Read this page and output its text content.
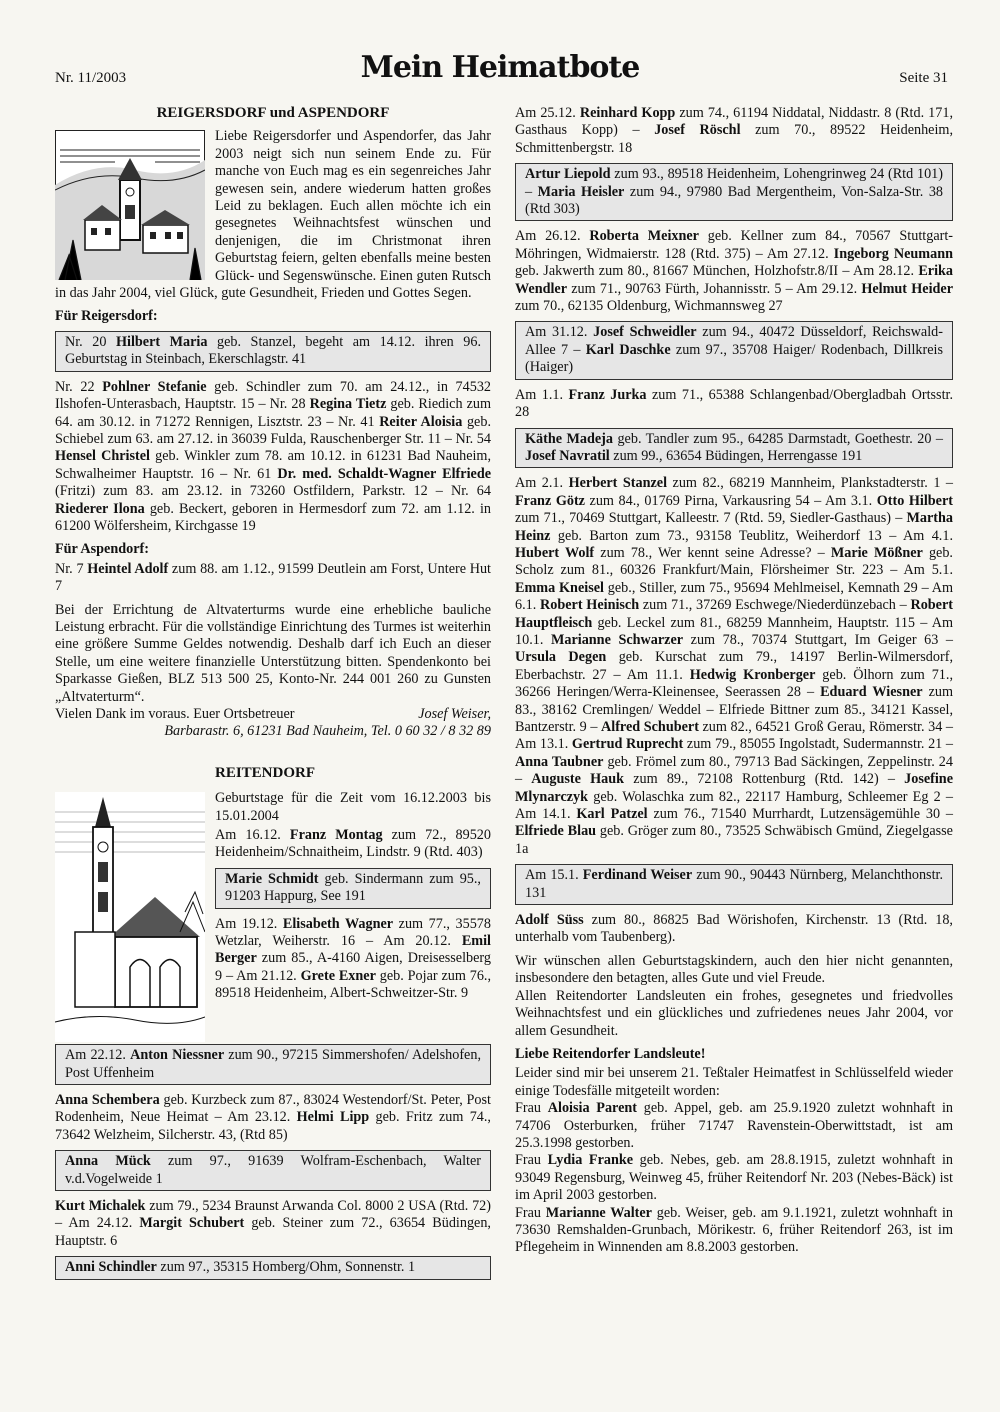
Nr. 11/2003	Mein Heimatbote	Seite 31
REIGERSDORF und ASPENDORF

Liebe Reigersdorfer und Aspendorfer, das Jahr 2003 neigt sich nun seinem Ende zu. Für manche von Euch mag es ein segenreiches Jahr gewesen sein, andere wiederum hatten großes Leid zu beklagen. Euch allen möchte ich ein gesegnetes Weihnachtsfest wünschen und denjenigen, die im Christmonat ihren Geburtstag feiern, gelten ebenfalls meine besten Glück- und Segenswünsche. Einen guten Rutsch in das Jahr 2004, viel Glück, gute Gesundheit, Frieden und Gottes Segen.

Für Reigersdorf:
Nr. 20 Hilbert Maria geb. Stanzel, begeht am 14.12. ihren 96. Geburtstag in Steinbach, Ekerschlagstr. 41

Nr. 22 Pohlner Stefanie geb. Schindler zum 70. am 24.12., in 74532 Ilshofen-Unterasbach, Hauptstr. 15 – Nr. 28 Regina Tietz geb. Riedich zum 64. am 30.12. in 71272 Rennigen, Lisztstr. 23 – Nr. 41 Reiter Aloisia geb. Schiebel zum 63. am 27.12. in 36039 Fulda, Rauschenberger Str. 11 – Nr. 54 Hensel Christel geb. Winkler zum 78. am 10.12. in 61231 Bad Nauheim, Schwalheimer Hauptstr. 16 – Nr. 61 Dr. med. Schaldt-Wagner Elfriede (Fritzi) zum 83. am 23.12. in 73260 Ostfildern, Parkstr. 12 – Nr. 64 Riederer Ilona geb. Beckert, geboren in Hermesdorf zum 72. am 1.12. in 61200 Wölfersheim, Kirchgasse 19

Für Aspendorf:

Nr. 7 Heintel Adolf zum 88. am 1.12., 91599 Deutlein am Forst, Untere Hut 7

Bei der Errichtung de Altvaterturms wurde eine erhebliche bauliche Leistung erbracht. Für die vollständige Einrichtung des Turmes ist weiterhin eine größere Summe Geldes notwendig. Deshalb darf ich Euch an dieser Stelle, um eine weitere finanzielle Unterstützung bitten. Spendenkonto bei Sparkasse Gießen, BLZ 513 500 25, Konto-Nr. 244 001 260 zu Gunsten „Altvaterturm“.

Vielen Dank im voraus. Euer Ortsbetreuer	Josef Weiser,
Barbarastr. 6, 61231 Bad Nauheim, Tel. 0 60 32 / 8 32 89
REITENDORF

Geburtstage für die Zeit vom 16.12.2003 bis 15.01.2004

Am 16.12. Franz Montag zum 72., 89520 Heidenheim/Schnaitheim, Lindstr. 9 (Rtd. 403)

Marie Schmidt geb. Sindermann zum 95., 91203 Happurg, See 191

Am 19.12. Elisabeth Wagner zum 77., 35578 Wetzlar, Weiherstr. 16 – Am 20.12. Emil Berger zum 85., A-4160 Aigen, Dreisesselberg 9 – Am 21.12. Grete Exner geb. Pojar zum 76., 89518 Heidenheim, Albert-Schweitzer-Str. 9

Am 22.12. Anton Niessner zum 90., 97215 Simmershofen/ Adelshofen, Post Uffenheim

Anna Schembera geb. Kurzbeck zum 87., 83024 Westendorf/St. Peter, Post Rodenheim, Neue Heimat – Am 23.12. Helmi Lipp geb. Fritz zum 74., 73642 Welzheim, Silcherstr. 43, (Rtd 85)

Anna Mück zum 97., 91639 Wolfram-Eschenbach, Walter v.d.Vogelweide 1

Kurt Michalek zum 79., 5234 Braunst Arwanda Col. 8000 2 USA (Rtd. 72) – Am 24.12. Margit Schubert geb. Steiner zum 72., 63654 Büdingen, Hauptstr. 6

Anni Schindler zum 97., 35315 Homberg/Ohm, Sonnenstr. 1

Am 25.12. Reinhard Kopp zum 74., 61194 Niddatal, Niddastr. 8 (Rtd. 171, Gasthaus Kopp) – Josef Röschl zum 70., 89522 Heidenheim, Schmittenbergstr. 18

Artur Liepold zum 93., 89518 Heidenheim, Lohengrinweg 24 (Rtd 101) – Maria Heisler zum 94., 97980 Bad Mergentheim, Von-Salza-Str. 38 (Rtd 303)

Am 26.12. Roberta Meixner geb. Kellner zum 84., 70567 Stuttgart-Möhringen, Widmaierstr. 128 (Rtd. 375) – Am 27.12. Ingeborg Neumann geb. Jakwerth zum 80., 81667 München, Holzhofstr.8/II – Am 28.12. Erika Wendler zum 71., 90763 Fürth, Johannisstr. 5 – Am 29.12. Helmut Heider zum 70., 62135 Oldenburg, Wichmannsweg 27

Am 31.12. Josef Schweidler zum 94., 40472 Düsseldorf, Reichswald-Allee 7 – Karl Daschke zum 97., 35708 Haiger/ Rodenbach, Dillkreis (Haiger)

Am 1.1. Franz Jurka zum 71., 65388 Schlangenbad/Obergladbah Ortsstr. 28

Käthe Madeja geb. Tandler zum 95., 64285 Darmstadt, Goethestr. 20 – Josef Navratil zum 99., 63654 Büdingen, Herrengasse 191

Am 2.1. Herbert Stanzel zum 82., 68219 Mannheim, Plankstadterstr. 1 – Franz Götz zum 84., 01769 Pirna, Varkausring 54 – Am 3.1. Otto Hilbert zum 71., 70469 Stuttgart, Kalleestr. 7 (Rtd. 59, Siedler-Gasthaus) – Martha Heinz geb. Barton zum 73., 93158 Teublitz, Weiherdorf 13 – Am 4.1. Hubert Wolf zum 78., Wer kennt seine Adresse? – Marie Mößner geb. Scholz zum 81., 60326 Frankfurt/Main, Flörsheimer Str. 223 – Am 5.1. Emma Kneisel geb., Stiller, zum 75., 95694 Mehlmeisel, Kemnath 29 – Am 6.1. Robert Heinisch zum 71., 37269 Eschwege/Niederdünzebach – Robert Hauptfleisch geb. Leckel zum 81., 68259 Mannheim, Hauptstr. 115 – Am 10.1. Marianne Schwarzer zum 78., 70374 Stuttgart, Im Geiger 63 – Ursula Degen geb. Kurschat zum 79., 14197 Berlin-Wilmersdorf, Eberbachstr. 27 – Am 11.1. Hedwig Kronberger geb. Ölhorn zum 71., 36266 Heringen/Werra-Kleinensee, Seerassen 28 – Eduard Wiesner zum 83., 38162 Cremlingen/ Weddel – Elfriede Bittner zum 85., 34121 Kassel, Bantzerstr. 9 – Alfred Schubert zum 82., 64521 Groß Gerau, Römerstr. 34 – Am 13.1. Gertrud Ruprecht zum 79., 85055 Ingolstadt, Sudermannstr. 21 – Anna Taubner geb. Frömel zum 80., 79713 Bad Säckingen, Zeppelinstr. 24 – Auguste Hauk zum 89., 72108 Rottenburg (Rtd. 142) – Josefine Mlynarczyk geb. Wolaschka zum 82., 22117 Hamburg, Schleemer Eg 2 – Am 14.1. Karl Patzel zum 76., 71540 Murrhardt, Lutzensägemühle 30 – Elfriede Blau geb. Gröger zum 80., 73525 Schwäbisch Gmünd, Ziegelgasse 1a

Am 15.1. Ferdinand Weiser zum 90., 90443 Nürnberg, Melanchthonstr. 131

Adolf Süss zum 80., 86825 Bad Wörishofen, Kirchenstr. 13 (Rtd. 18, unterhalb vom Taubenberg).

Wir wünschen allen Geburtstagskindern, auch den hier nicht genannten, insbesondere den betagten, alles Gute und viel Freude.

Allen Reitendorter Landsleuten ein frohes, gesegnetes und friedvolles Weihnachtsfest und ein glückliches und zufriedenes neues Jahr 2004, vor allem Gesundheit.

Liebe Reitendorfer Landsleute!

Leider sind mir bei unserem 21. Teßtaler Heimatfest in Schlüsselfeld wieder einige Todesfälle mitgeteilt worden:

Frau Aloisia Parent geb. Appel, geb. am 25.9.1920 zuletzt wohnhaft in 74706 Osterburken, früher 71747 Ravenstein-Oberwittstadt, ist am 25.3.1998 gestorben.

Frau Lydia Franke geb. Nebes, geb. am 28.8.1915, zuletzt wohnhaft in 93049 Regensburg, Weinweg 45, früher Reitendorf Nr. 203 (Nebes-Bäck) ist im April 2003 gestorben.

Frau Marianne Walter geb. Weiser, geb. am 9.1.1921, zuletzt wohnhaft in 73630 Remshalden-Grunbach, Mörikestr. 6, früher Reitendorf 263, ist im Pflegeheim in Winnenden am 8.8.2003 gestorben.
